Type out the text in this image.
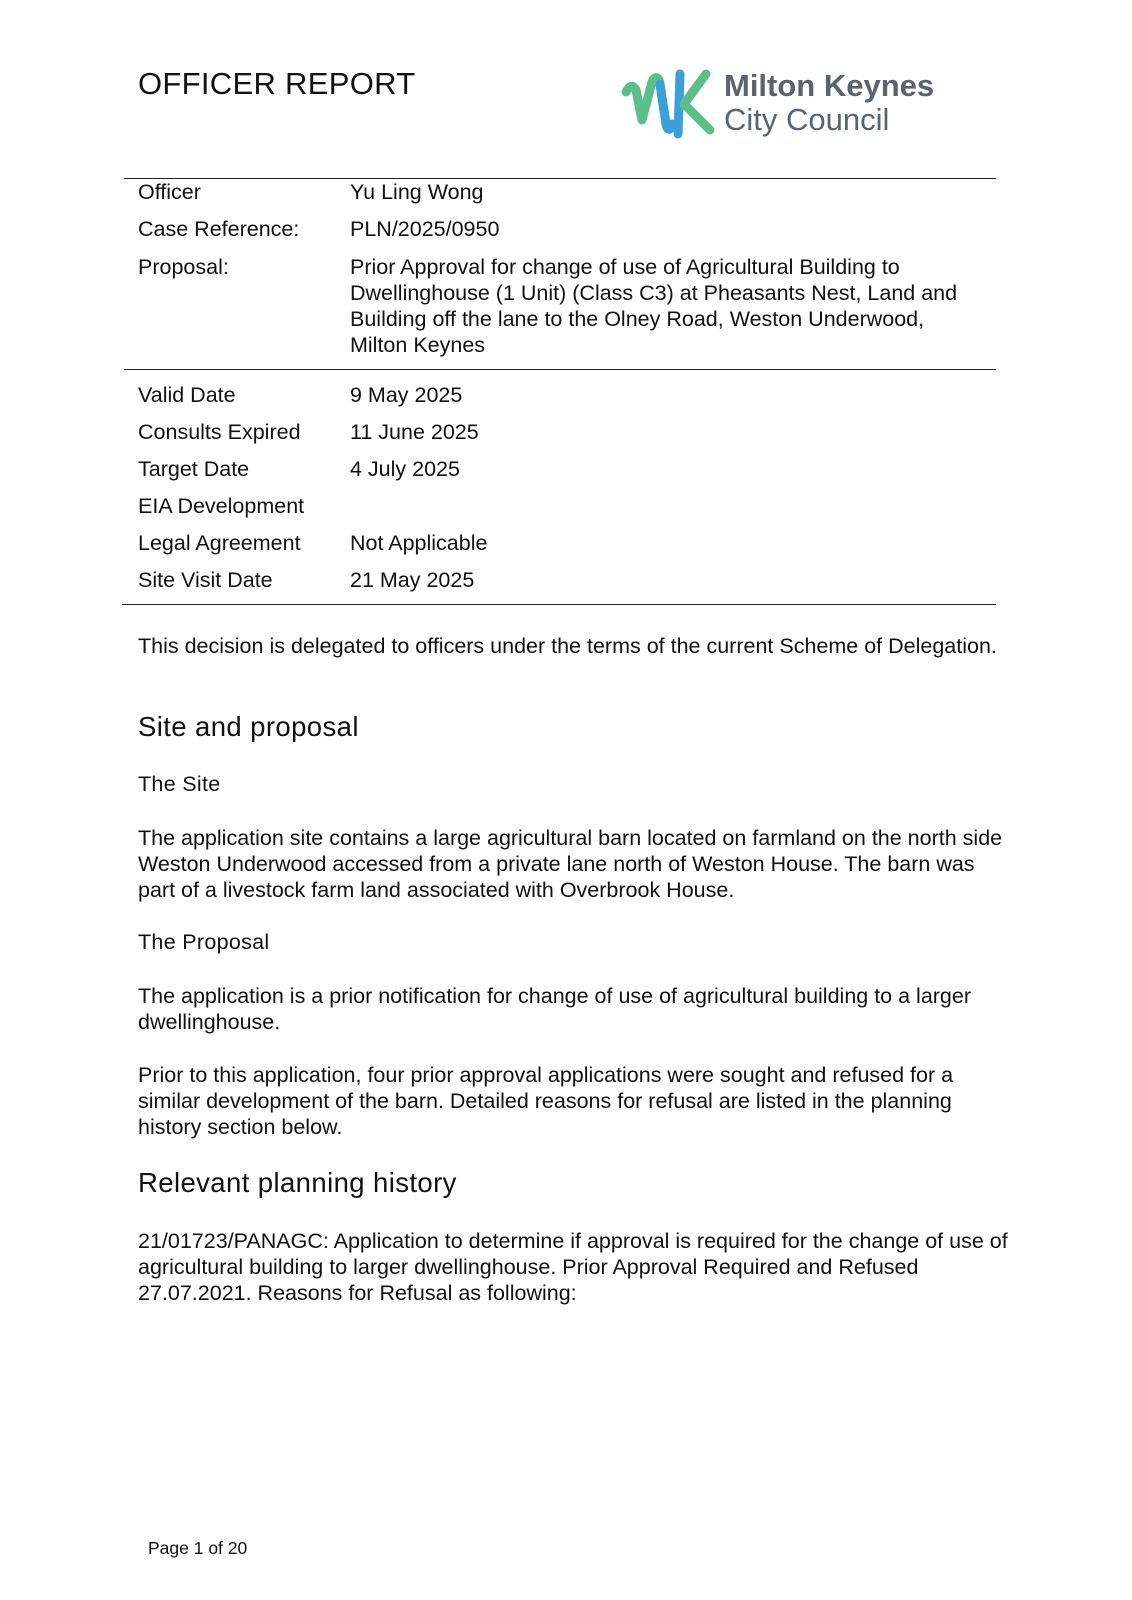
OFFICER REPORT	Milton Keynes
City Council
Officer	Yu Ling Wong
Case Reference:	PLN/2025/0950
Proposal:	Prior Approval for change of use of Agricultural Building to Dwellinghouse (1 Unit) (Class C3) at Pheasants Nest, Land and Building off the lane to the Olney Road, Weston Underwood, Milton Keynes
Valid Date	9 May 2025
Consults Expired	11 June 2025
Target Date	4 July 2025
EIA Development
Legal Agreement	Not Applicable
Site Visit Date	21 May 2025
This decision is delegated to officers under the terms of the current Scheme of Delegation.
Site and proposal
The Site
The application site contains a large agricultural barn located on farmland on the north side Weston Underwood accessed from a private lane north of Weston House. The barn was part of a livestock farm land associated with Overbrook House.
The Proposal
The application is a prior notification for change of use of agricultural building to a larger dwellinghouse.
Prior to this application, four prior approval applications were sought and refused for a similar development of the barn. Detailed reasons for refusal are listed in the planning history section below.
Relevant planning history
21/01723/PANAGC: Application to determine if approval is required for the change of use of agricultural building to larger dwellinghouse. Prior Approval Required and Refused    27.07.2021. Reasons for Refusal as following:
Page 1 of 20
